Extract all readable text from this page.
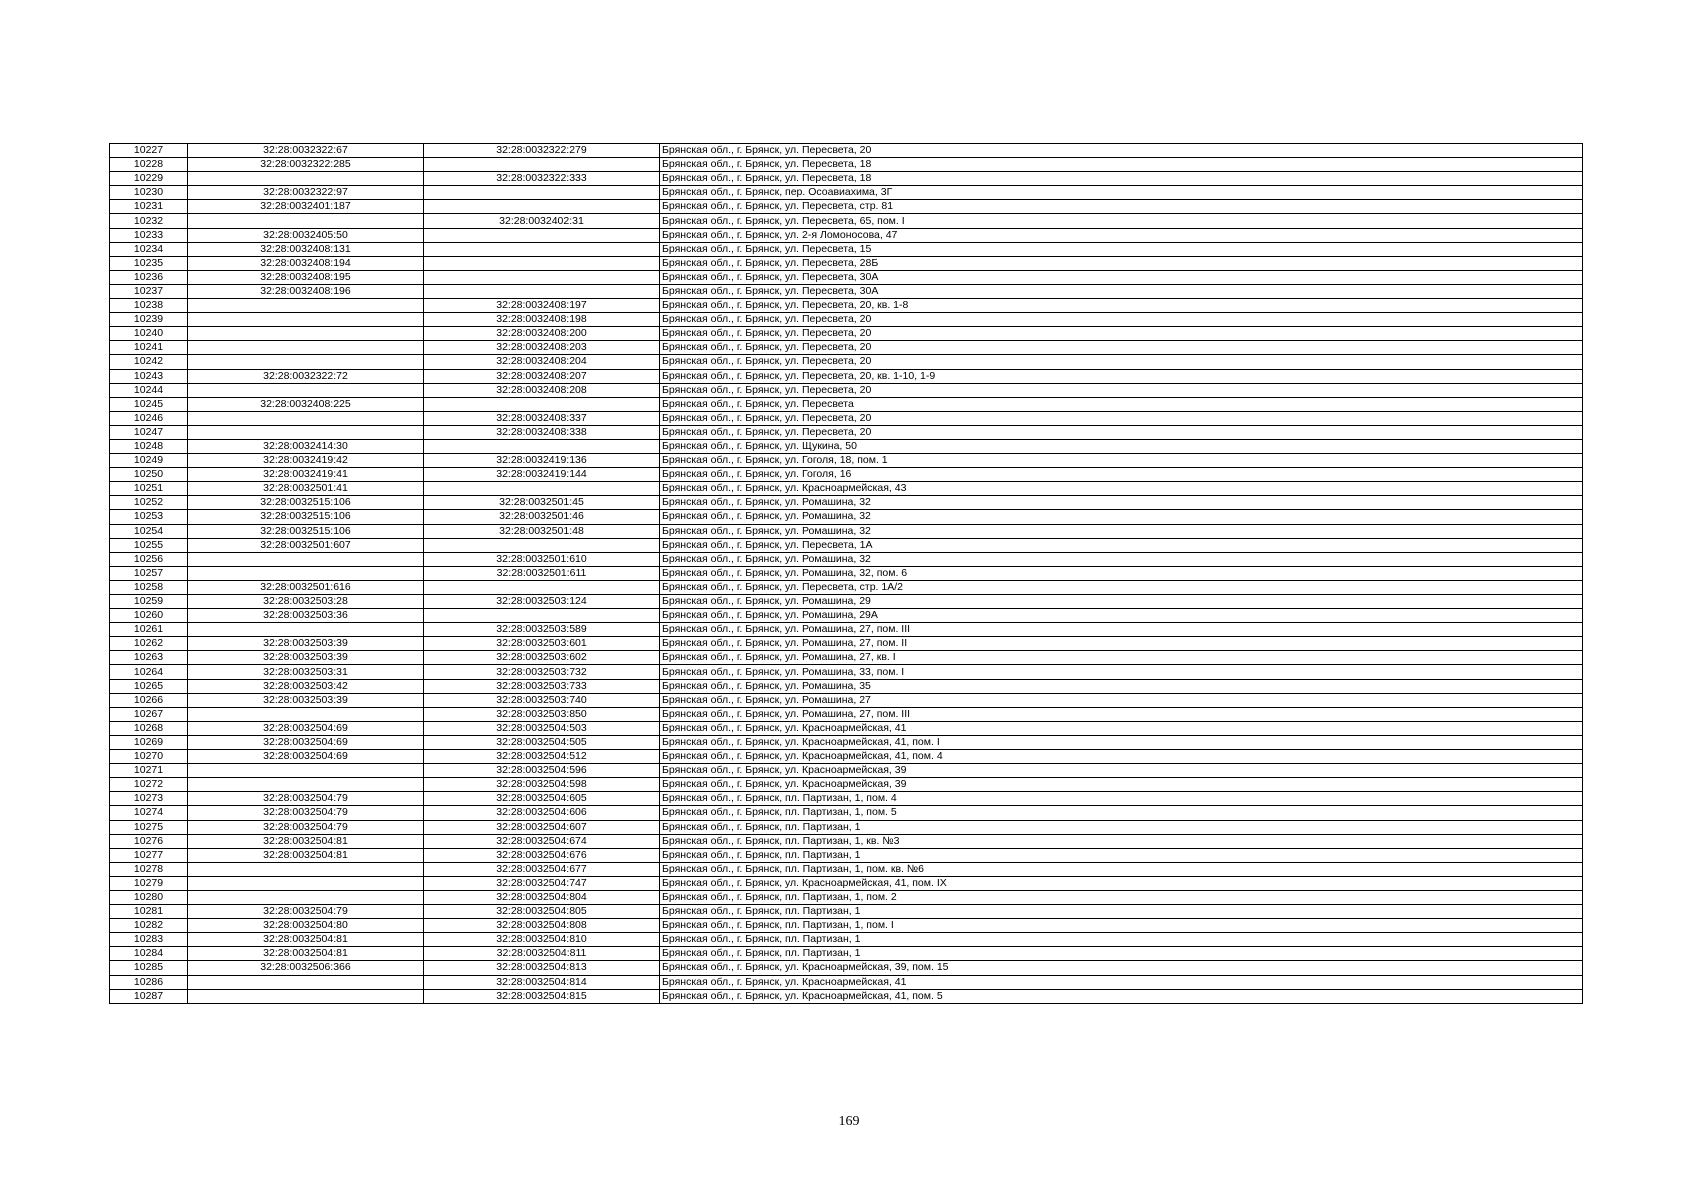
10227	32:28:0032322:67	32:28:0032322:279	Брянская обл., г. Брянск, ул. Пересвета, 20
10228	32:28:0032322:285		Брянская обл., г. Брянск, ул. Пересвета, 18
10229		32:28:0032322:333	Брянская обл., г. Брянск, ул. Пересвета, 18
10230	32:28:0032322:97		Брянская обл., г. Брянск, пер. Осоавиахима, 3Г
10231	32:28:0032401:187		Брянская обл., г. Брянск, ул. Пересвета, стр. 81
10232		32:28:0032402:31	Брянская обл., г. Брянск, ул. Пересвета, 65, пом. I
10233	32:28:0032405:50		Брянская обл., г. Брянск, ул. 2-я Ломоносова, 47
10234	32:28:0032408:131		Брянская обл., г. Брянск, ул. Пересвета, 15
10235	32:28:0032408:194		Брянская обл., г. Брянск, ул. Пересвета, 28Б
10236	32:28:0032408:195		Брянская обл., г. Брянск, ул. Пересвета, 30А
10237	32:28:0032408:196		Брянская обл., г. Брянск, ул. Пересвета, 30А
10238		32:28:0032408:197	Брянская обл., г. Брянск, ул. Пересвета, 20, кв. 1-8
10239		32:28:0032408:198	Брянская обл., г. Брянск, ул. Пересвета, 20
10240		32:28:0032408:200	Брянская обл., г. Брянск, ул. Пересвета, 20
10241		32:28:0032408:203	Брянская обл., г. Брянск, ул. Пересвета, 20
10242		32:28:0032408:204	Брянская обл., г. Брянск, ул. Пересвета, 20
10243	32:28:0032322:72	32:28:0032408:207	Брянская обл., г. Брянск, ул. Пересвета, 20, кв. 1-10, 1-9
10244		32:28:0032408:208	Брянская обл., г. Брянск, ул. Пересвета, 20
10245	32:28:0032408:225		Брянская обл., г. Брянск, ул. Пересвета
10246		32:28:0032408:337	Брянская обл., г. Брянск, ул. Пересвета, 20
10247		32:28:0032408:338	Брянская обл., г. Брянск, ул. Пересвета, 20
10248	32:28:0032414:30		Брянская обл., г. Брянск, ул. Щукина, 50
10249	32:28:0032419:42	32:28:0032419:136	Брянская обл., г. Брянск, ул. Гоголя, 18, пом. 1
10250	32:28:0032419:41	32:28:0032419:144	Брянская обл., г. Брянск, ул. Гоголя, 16
10251	32:28:0032501:41		Брянская обл., г. Брянск, ул. Красноармейская, 43
10252	32:28:0032515:106	32:28:0032501:45	Брянская обл., г. Брянск, ул. Ромашина, 32
10253	32:28:0032515:106	32:28:0032501:46	Брянская обл., г. Брянск, ул. Ромашина, 32
10254	32:28:0032515:106	32:28:0032501:48	Брянская обл., г. Брянск, ул. Ромашина, 32
10255	32:28:0032501:607		Брянская обл., г. Брянск, ул. Пересвета, 1А
10256		32:28:0032501:610	Брянская обл., г. Брянск, ул. Ромашина, 32
10257		32:28:0032501:611	Брянская обл., г. Брянск, ул. Ромашина, 32, пом. 6
10258	32:28:0032501:616		Брянская обл., г. Брянск, ул. Пересвета, стр. 1А/2
10259	32:28:0032503:28	32:28:0032503:124	Брянская обл., г. Брянск, ул. Ромашина, 29
10260	32:28:0032503:36		Брянская обл., г. Брянск, ул. Ромашина, 29А
10261		32:28:0032503:589	Брянская обл., г. Брянск, ул. Ромашина, 27, пом. III
10262	32:28:0032503:39	32:28:0032503:601	Брянская обл., г. Брянск, ул. Ромашина, 27, пом. II
10263	32:28:0032503:39	32:28:0032503:602	Брянская обл., г. Брянск, ул. Ромашина, 27, кв. I
10264	32:28:0032503:31	32:28:0032503:732	Брянская обл., г. Брянск, ул. Ромашина, 33, пом. I
10265	32:28:0032503:42	32:28:0032503:733	Брянская обл., г. Брянск, ул. Ромашина, 35
10266	32:28:0032503:39	32:28:0032503:740	Брянская обл., г. Брянск, ул. Ромашина, 27
10267		32:28:0032503:850	Брянская обл., г. Брянск, ул. Ромашина, 27, пом. III
10268	32:28:0032504:69	32:28:0032504:503	Брянская обл., г. Брянск, ул. Красноармейская, 41
10269	32:28:0032504:69	32:28:0032504:505	Брянская обл., г. Брянск, ул. Красноармейская, 41, пом. I
10270	32:28:0032504:69	32:28:0032504:512	Брянская обл., г. Брянск, ул. Красноармейская, 41, пом. 4
10271		32:28:0032504:596	Брянская обл., г. Брянск, ул. Красноармейская, 39
10272		32:28:0032504:598	Брянская обл., г. Брянск, ул. Красноармейская, 39
10273	32:28:0032504:79	32:28:0032504:605	Брянская обл., г. Брянск, пл. Партизан, 1, пом. 4
10274	32:28:0032504:79	32:28:0032504:606	Брянская обл., г. Брянск, пл. Партизан, 1, пом. 5
10275	32:28:0032504:79	32:28:0032504:607	Брянская обл., г. Брянск, пл. Партизан, 1
10276	32:28:0032504:81	32:28:0032504:674	Брянская обл., г. Брянск, пл. Партизан, 1, кв. №3
10277	32:28:0032504:81	32:28:0032504:676	Брянская обл., г. Брянск, пл. Партизан, 1
10278		32:28:0032504:677	Брянская обл., г. Брянск, пл. Партизан, 1, пом. кв. №6
10279		32:28:0032504:747	Брянская обл., г. Брянск, ул. Красноармейская, 41, пом. IX
10280		32:28:0032504:804	Брянская обл., г. Брянск, пл. Партизан, 1, пом. 2
10281	32:28:0032504:79	32:28:0032504:805	Брянская обл., г. Брянск, пл. Партизан, 1
10282	32:28:0032504:80	32:28:0032504:808	Брянская обл., г. Брянск, пл. Партизан, 1, пом. I
10283	32:28:0032504:81	32:28:0032504:810	Брянская обл., г. Брянск, пл. Партизан, 1
10284	32:28:0032504:81	32:28:0032504:811	Брянская обл., г. Брянск, пл. Партизан, 1
10285	32:28:0032506:366	32:28:0032504:813	Брянская обл., г. Брянск, ул. Красноармейская, 39, пом. 15
10286		32:28:0032504:814	Брянская обл., г. Брянск, ул. Красноармейская, 41
10287		32:28:0032504:815	Брянская обл., г. Брянск, ул. Красноармейская, 41, пом. 5
169
